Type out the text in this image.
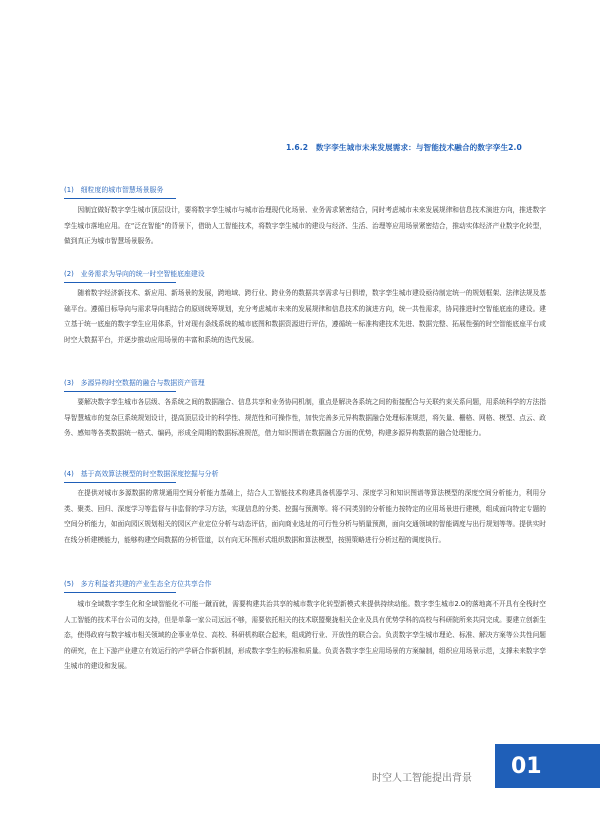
1.6.2　数字孪生城市未来发展需求：与智能技术融合的数字孪生2.0
(1)　细粒度的城市智慧场景服务
因制宜做好数字孪生城市顶层设计，要将数字孪生城市与城市治理现代化场景、业务需求紧密结合，同时考虑城市未来发展规律和信息技术演进方向，推进数字孪生城市落地应用。在“泛在智能”的背景下，借助人工智能技术，将数字孪生城市的建设与经济、生活、治理等应用场景紧密结合，推动实体经济产业数字化转型，做到真正为城市智慧场景服务。
(2)　业务需求为导向的统一时空智能底座建设
随着数字经济新技术、新应用、新场景的发展，跨地域、跨行业、跨业务的数据共享需求与日俱增，数字孪生城市建设亟待制定统一的规划框架、法律法规及基础平台。遵循目标导向与需求导向相结合的原则统筹规划，充分考虑城市未来的发展规律和信息技术的演进方向，统一共性需求，协同推进时空智能底座的建设。建立基于统一底座的数字孪生应用体系，针对现有条线系统的城市底图和数据资源进行评估，遵循统一标准构建技术先进、数据完整、拓展性强的时空智能底座平台或时空大数据平台，并逐步推动应用场景的丰富和系统的迭代发展。
(3)　多源异构时空数据的融合与数据资产管理
要解决数字孪生城市各层级、各系统之间的数据融合、信息共享和业务协同机制，重点是解决各系统之间的衔接配合与关联约束关系问题，用系统科学的方法指导智慧城市的复杂巨系统规划设计，提高顶层设计的科学性、规范性和可操作性，加快完善多元异构数据融合处理标准规范，将矢量、栅格、网格、模型、点云、政务、感知等各类数据统一格式、编码，形成全周期的数据标准规范，借力知识图谱在数据融合方面的优势，构建多源异构数据的融合处理能力。
(4)　基于高效算法模型的时空数据深度挖掘与分析
在提供对城市多源数据的常规通用空间分析能力基础上，结合人工智能技术构建具备机器学习、深度学习和知识图谱等算法模型的深度空间分析能力，利用分类、聚类、回归、深度学习等监督与非监督的学习方法，实现信息的分类、挖掘与预测等。将不同类别的分析能力按特定的应用场景进行建模，组成面向特定专题的空间分析能力，如面向园区规划相关的园区产业定位分析与动态评估，面向商业选址的可行性分析与销量预测，面向交通领域的智能调度与出行规划等等。提供实时在线分析建模能力，能够构建空间数据的分析管道，以有向无环图形式组织数据和算法模型，按照策略进行分析过程的调度执行。
(5)　多方利益者共建的产业生态全方位共享合作
城市全域数字孪生化和全域智能化不可能一蹴而就，需要构建共治共享的城市数字化转型新模式来提供持续动能。数字孪生城市2.0的落地离不开具有全栈时空人工智能的技术平台公司的支持，但是单靠一家公司远远不够，需要依托相关的技术联盟聚拢相关企业及具有优势学科的高校与科研院所来共同完成。要建立创新生态，使得政府与数字城市相关领域的企事业单位、高校、科研机构联合起来，组成跨行业、开放性的联合会。负责数字孪生城市理论、标准、解决方案等公共性问题的研究，在上下游产业建立有效运行的产学研合作新机制，形成数字孪生的标准和质量。负责各数字孪生应用场景的方案编制，组织应用场景示范，支撑未来数字孪生城市的建设和发展。
时空人工智能提出背景	01
